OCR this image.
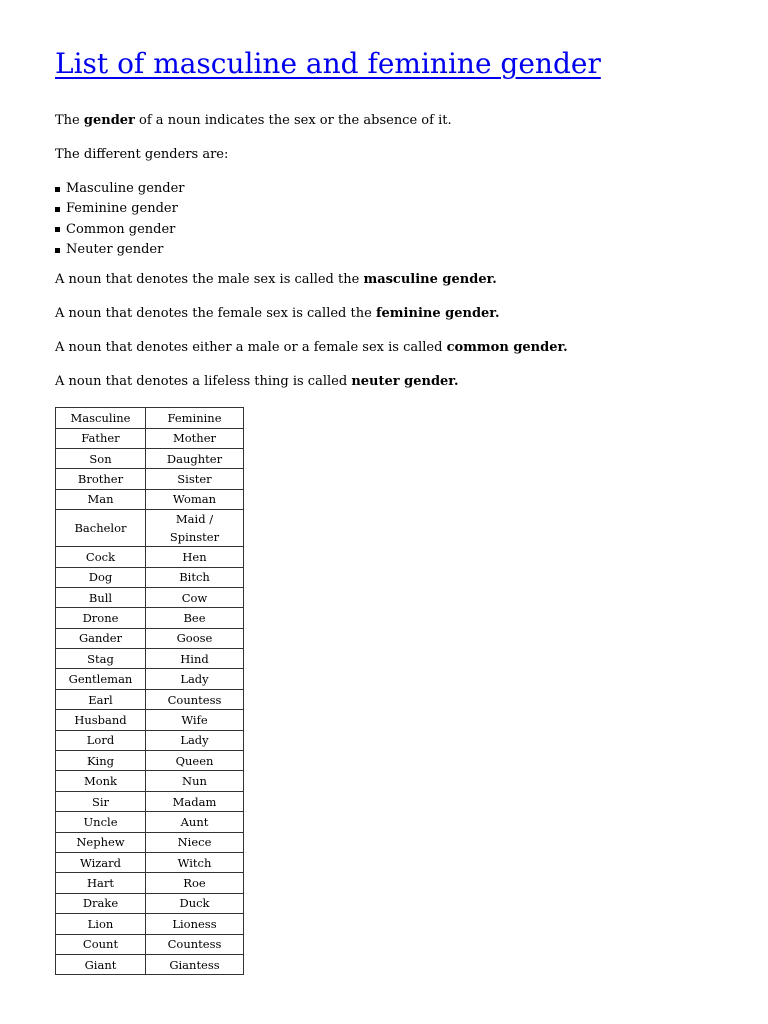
List of masculine and feminine gender

The gender of a noun indicates the sex or the absence of it.

The different genders are:

Masculine gender
Feminine gender
Common gender
Neuter gender

A noun that denotes the male sex is called the masculine gender.

A noun that denotes the female sex is called the feminine gender.

A noun that denotes either a male or a female sex is called common gender.

A noun that denotes a lifeless thing is called neuter gender.

Masculine	Feminine
Father	Mother
Son	Daughter
Brother	Sister
Man	Woman
Bachelor	Maid / Spinster
Cock	Hen
Dog	Bitch
Bull	Cow
Drone	Bee
Gander	Goose
Stag	Hind
Gentleman	Lady
Earl	Countess
Husband	Wife
Lord	Lady
King	Queen
Monk	Nun
Sir	Madam
Uncle	Aunt
Nephew	Niece
Wizard	Witch
Hart	Roe
Drake	Duck
Lion	Lioness
Count	Countess
Giant	Giantess
